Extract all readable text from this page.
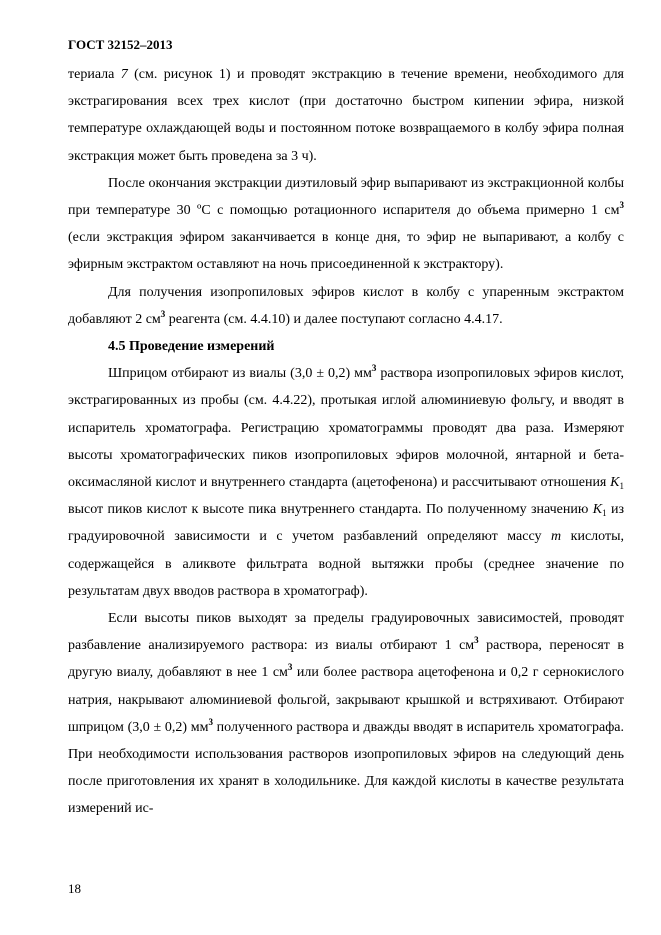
ГОСТ 32152–2013

териала 7 (см. рисунок 1) и проводят экстракцию в течение времени, необходимого для экстрагирования всех трех кислот (при достаточно быстром кипении эфира, низкой температуре охлаждающей воды и постоянном потоке возвращаемого в колбу эфира полная экстракция может быть проведена за 3 ч).

После окончания экстракции диэтиловый эфир выпаривают из экстракционной колбы при температуре 30 ºС с помощью ротационного испарителя до объема примерно 1 $см^3$ (если экстракция эфиром заканчивается в конце дня, то эфир не выпаривают, а колбу с эфирным экстрактом оставляют на ночь присоединенной к экстрактору).

Для получения изопропиловых эфиров кислот в колбу с упаренным экстрактом добавляют 2 $см^3$ реагента (см. 4.4.10) и далее поступают согласно 4.4.17.

4.5 Проведение измерений

Шприцом отбирают из виалы (3,0 ± 0,2) $мм^3$ раствора изопропиловых эфиров кислот, экстрагированных из пробы (см. 4.4.22), протыкая иглой алюминиевую фольгу, и вводят в испаритель хроматографа. Регистрацию хроматограммы проводят два раза. Измеряют высоты хроматографических пиков изопропиловых эфиров молочной, янтарной и бета-оксимасляной кислот и внутреннего стандарта (ацетофенона) и рассчитывают отношения $K_1$ высот пиков кислот к высоте пика внутреннего стандарта. По полученному значению $K_1$ из градуировочной зависимости и с учетом разбавлений определяют массу m кислоты, содержащейся в аликвоте фильтрата водной вытяжки пробы (среднее значение по результатам двух вводов раствора в хроматограф).

Если высоты пиков выходят за пределы градуировочных зависимостей, проводят разбавление анализируемого раствора: из виалы отбирают 1 $см^3$ раствора, переносят в другую виалу, добавляют в нее 1 $см^3$ или более раствора ацетофенона и 0,2 г сернокислого натрия, накрывают алюминиевой фольгой, закрывают крышкой и встряхивают. Отбирают шприцом (3,0 ± 0,2) $мм^3$ полученного раствора и дважды вводят в испаритель хроматографа. При необходимости использования растворов изопропиловых эфиров на следующий день после приготовления их хранят в холодильнике. Для каждой кислоты в качестве результата измерений ис-

18
